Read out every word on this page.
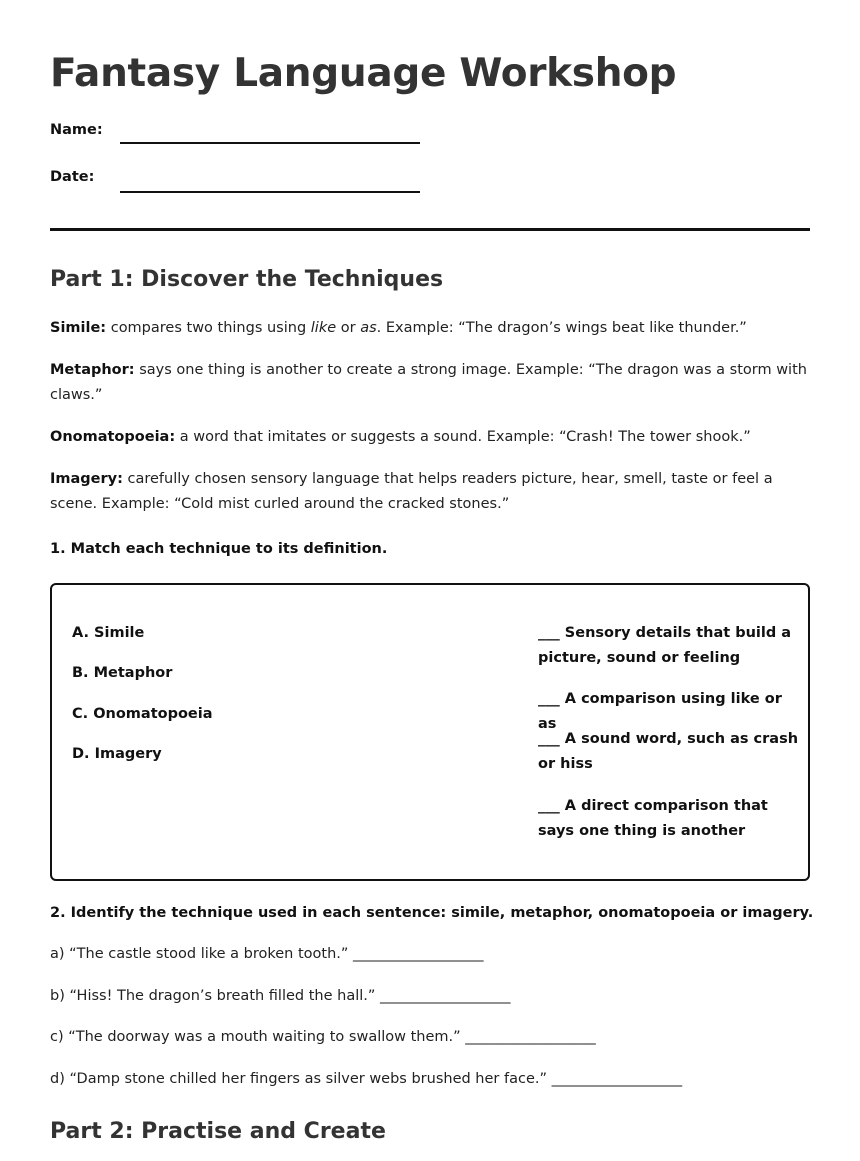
Fantasy Language Workshop
Name:
Date:
Part 1: Discover the Techniques

Simile: compares two things using like or as. Example: “The dragon’s wings beat like thunder.”

Metaphor: says one thing is another to create a strong image. Example: “The dragon was a storm with claws.”

Onomatopoeia: a word that imitates or suggests a sound. Example: “Crash! The tower shook.”

Imagery: carefully chosen sensory language that helps readers picture, hear, smell, taste or feel a scene. Example: “Cold mist curled around the cracked stones.”

1. Match each technique to its definition.

A. Simile
B. Metaphor
C. Onomatopoeia
D. Imagery
___ Sensory details that build a picture, sound or feeling
___ A comparison using like or as
___ A sound word, such as crash or hiss
___ A direct comparison that says one thing is another

2. Identify the technique used in each sentence: simile, metaphor, onomatopoeia or imagery.

a) “The castle stood like a broken tooth.” __________________
b) “Hiss! The dragon’s breath filled the hall.” __________________
c) “The doorway was a mouth waiting to swallow them.” __________________
d) “Damp stone chilled her fingers as silver webs brushed her face.” __________________
Part 2: Practise and Create
